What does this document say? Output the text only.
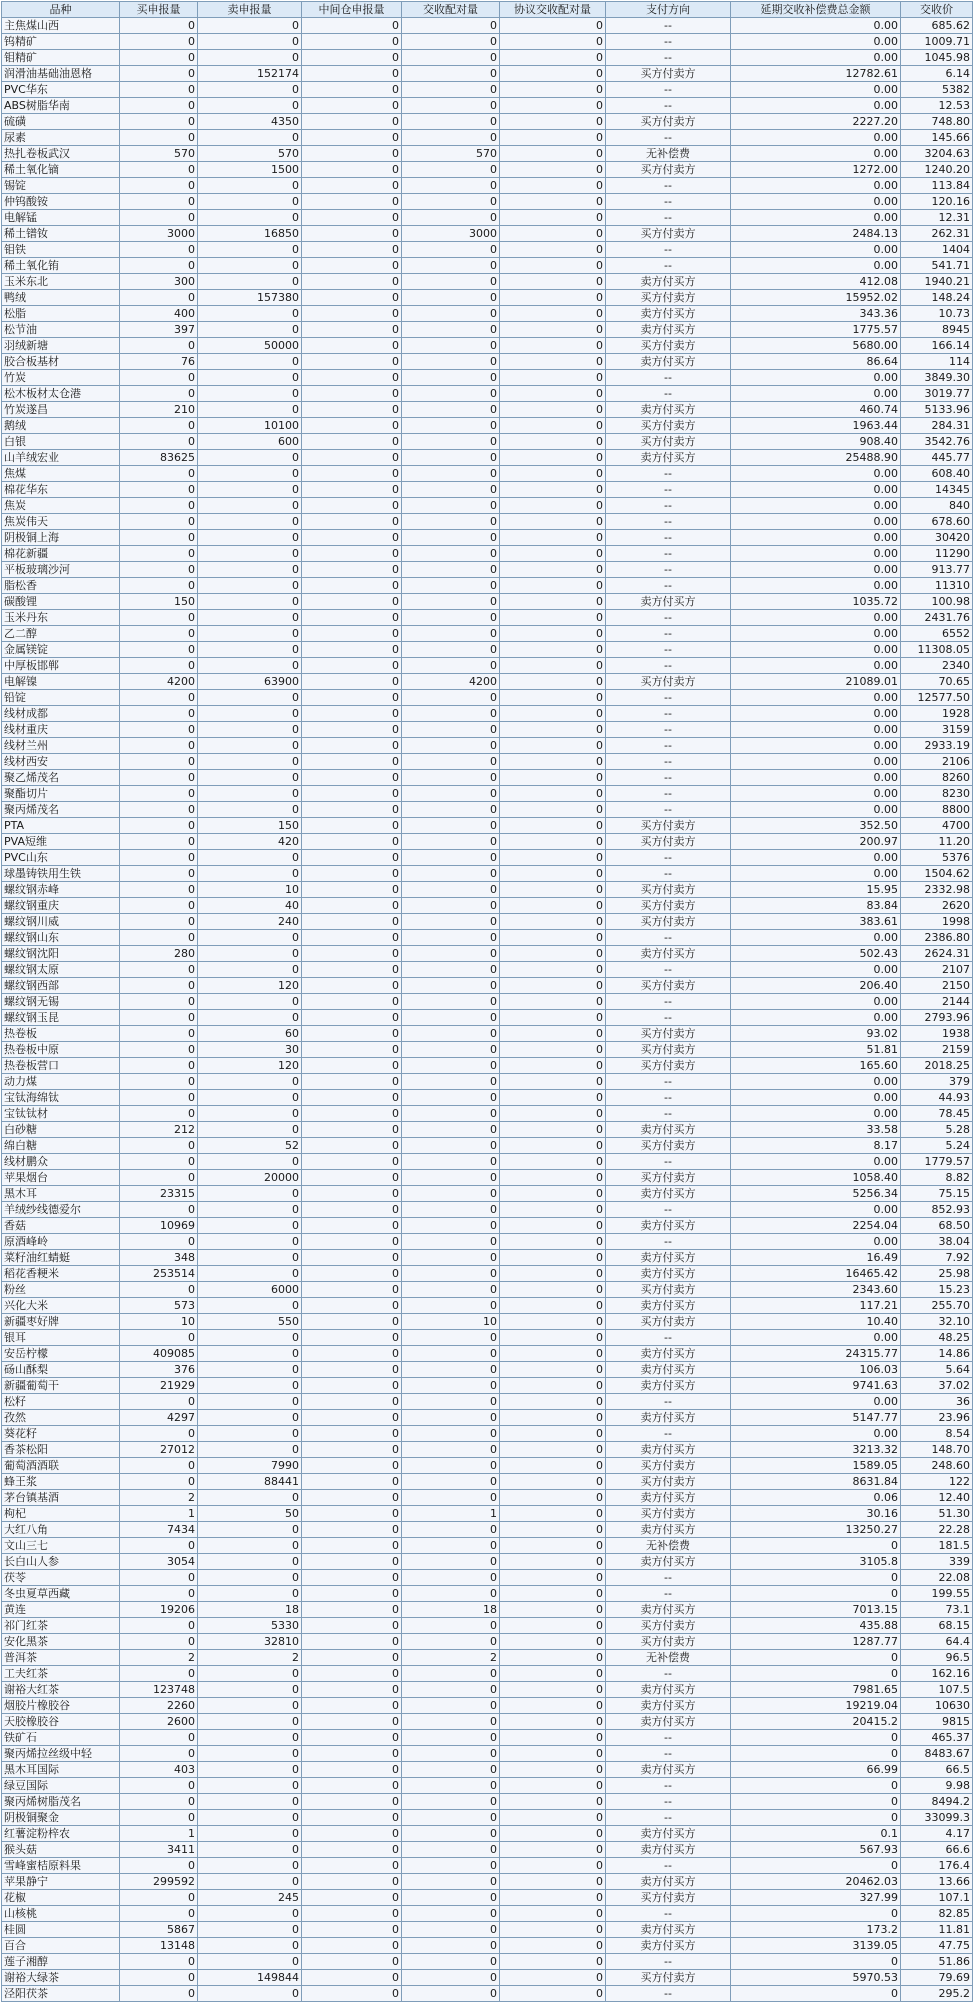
品种	买申报量	卖申报量	中间仓申报量	交收配对量	协议交收配对量	支付方向	延期交收补偿费总金额	交收价
主焦煤山西	0	0	0	0	0	--	0.00	685.62
钨精矿	0	0	0	0	0	--	0.00	1009.71
钼精矿	0	0	0	0	0	--	0.00	1045.98
润滑油基础油恩格	0	152174	0	0	0	买方付卖方	12782.61	6.14
PVC华东	0	0	0	0	0	--	0.00	5382
ABS树脂华南	0	0	0	0	0	--	0.00	12.53
硫磺	0	4350	0	0	0	买方付卖方	2227.20	748.80
尿素	0	0	0	0	0	--	0.00	145.66
热扎卷板武汉	570	570	0	570	0	无补偿费	0.00	3204.63
稀土氧化镝	0	1500	0	0	0	买方付卖方	1272.00	1240.20
锡锭	0	0	0	0	0	--	0.00	113.84
仲钨酸铵	0	0	0	0	0	--	0.00	120.16
电解锰	0	0	0	0	0	--	0.00	12.31
稀土镨钕	3000	16850	0	3000	0	买方付卖方	2484.13	262.31
钼铁	0	0	0	0	0	--	0.00	1404
稀土氧化铕	0	0	0	0	0	--	0.00	541.71
玉米东北	300	0	0	0	0	卖方付买方	412.08	1940.21
鸭绒	0	157380	0	0	0	买方付卖方	15952.02	148.24
松脂	400	0	0	0	0	卖方付买方	343.36	10.73
松节油	397	0	0	0	0	卖方付买方	1775.57	8945
羽绒新塘	0	50000	0	0	0	买方付卖方	5680.00	166.14
胶合板基材	76	0	0	0	0	卖方付买方	86.64	114
竹炭	0	0	0	0	0	--	0.00	3849.30
松木板材太仓港	0	0	0	0	0	--	0.00	3019.77
竹炭遂昌	210	0	0	0	0	卖方付买方	460.74	5133.96
鹅绒	0	10100	0	0	0	买方付卖方	1963.44	284.31
白银	0	600	0	0	0	买方付卖方	908.40	3542.76
山羊绒宏业	83625	0	0	0	0	卖方付买方	25488.90	445.77
焦煤	0	0	0	0	0	--	0.00	608.40
棉花华东	0	0	0	0	0	--	0.00	14345
焦炭	0	0	0	0	0	--	0.00	840
焦炭伟天	0	0	0	0	0	--	0.00	678.60
阴极铜上海	0	0	0	0	0	--	0.00	30420
棉花新疆	0	0	0	0	0	--	0.00	11290
平板玻璃沙河	0	0	0	0	0	--	0.00	913.77
脂松香	0	0	0	0	0	--	0.00	11310
碳酸锂	150	0	0	0	0	卖方付买方	1035.72	100.98
玉米丹东	0	0	0	0	0	--	0.00	2431.76
乙二醇	0	0	0	0	0	--	0.00	6552
金属镁锭	0	0	0	0	0	--	0.00	11308.05
中厚板邯郸	0	0	0	0	0	--	0.00	2340
电解镍	4200	63900	0	4200	0	买方付卖方	21089.01	70.65
铅锭	0	0	0	0	0	--	0.00	12577.50
线材成都	0	0	0	0	0	--	0.00	1928
线材重庆	0	0	0	0	0	--	0.00	3159
线材兰州	0	0	0	0	0	--	0.00	2933.19
线材西安	0	0	0	0	0	--	0.00	2106
聚乙烯茂名	0	0	0	0	0	--	0.00	8260
聚酯切片	0	0	0	0	0	--	0.00	8230
聚丙烯茂名	0	0	0	0	0	--	0.00	8800
PTA	0	150	0	0	0	买方付卖方	352.50	4700
PVA短维	0	420	0	0	0	买方付卖方	200.97	11.20
PVC山东	0	0	0	0	0	--	0.00	5376
球墨铸铁用生铁	0	0	0	0	0	--	0.00	1504.62
螺纹钢赤峰	0	10	0	0	0	买方付卖方	15.95	2332.98
螺纹钢重庆	0	40	0	0	0	买方付卖方	83.84	2620
螺纹钢川威	0	240	0	0	0	买方付卖方	383.61	1998
螺纹钢山东	0	0	0	0	0	--	0.00	2386.80
螺纹钢沈阳	280	0	0	0	0	卖方付买方	502.43	2624.31
螺纹钢太原	0	0	0	0	0	--	0.00	2107
螺纹钢西部	0	120	0	0	0	买方付卖方	206.40	2150
螺纹钢无锡	0	0	0	0	0	--	0.00	2144
螺纹钢玉昆	0	0	0	0	0	--	0.00	2793.96
热卷板	0	60	0	0	0	买方付卖方	93.02	1938
热卷板中原	0	30	0	0	0	买方付卖方	51.81	2159
热卷板营口	0	120	0	0	0	买方付卖方	165.60	2018.25
动力煤	0	0	0	0	0	--	0.00	379
宝钛海绵钛	0	0	0	0	0	--	0.00	44.93
宝钛钛材	0	0	0	0	0	--	0.00	78.45
白砂糖	212	0	0	0	0	卖方付买方	33.58	5.28
绵白糖	0	52	0	0	0	买方付卖方	8.17	5.24
线材鹏众	0	0	0	0	0	--	0.00	1779.57
苹果烟台	0	20000	0	0	0	买方付卖方	1058.40	8.82
黑木耳	23315	0	0	0	0	卖方付买方	5256.34	75.15
羊绒纱线德爱尔	0	0	0	0	0	--	0.00	852.93
香菇	10969	0	0	0	0	卖方付买方	2254.04	68.50
原酒峰岭	0	0	0	0	0	--	0.00	38.04
菜籽油红蜻蜓	348	0	0	0	0	卖方付买方	16.49	7.92
稻花香粳米	253514	0	0	0	0	卖方付买方	16465.42	25.98
粉丝	0	6000	0	0	0	买方付卖方	2343.60	15.23
兴化大米	573	0	0	0	0	卖方付买方	117.21	255.70
新疆枣好牌	10	550	0	10	0	买方付卖方	10.40	32.10
银耳	0	0	0	0	0	--	0.00	48.25
安岳柠檬	409085	0	0	0	0	卖方付买方	24315.77	14.86
砀山酥梨	376	0	0	0	0	卖方付买方	106.03	5.64
新疆葡萄干	21929	0	0	0	0	卖方付买方	9741.63	37.02
松籽	0	0	0	0	0	--	0.00	36
孜然	4297	0	0	0	0	卖方付买方	5147.77	23.96
葵花籽	0	0	0	0	0	--	0.00	8.54
香茶松阳	27012	0	0	0	0	卖方付买方	3213.32	148.70
葡萄酒酒联	0	7990	0	0	0	买方付卖方	1589.05	248.60
蜂王浆	0	88441	0	0	0	买方付卖方	8631.84	122
茅台镇基酒	2	0	0	0	0	卖方付买方	0.06	12.40
枸杞	1	50	0	1	0	买方付卖方	30.16	51.30
大红八角	7434	0	0	0	0	卖方付买方	13250.27	22.28
文山三七	0	0	0	0	0	无补偿费	0	181.5
长白山人参	3054	0	0	0	0	卖方付买方	3105.8	339
茯苓	0	0	0	0	0	--	0	22.08
冬虫夏草西藏	0	0	0	0	0	--	0	199.55
黄连	19206	18	0	18	0	卖方付买方	7013.15	73.1
祁门红茶	0	5330	0	0	0	买方付卖方	435.88	68.15
安化黑茶	0	32810	0	0	0	买方付卖方	1287.77	64.4
普洱茶	2	2	0	2	0	无补偿费	0	96.5
工夫红茶	0	0	0	0	0	--	0	162.16
谢裕大红茶	123748	0	0	0	0	卖方付买方	7981.65	107.5
烟胶片橡胶谷	2260	0	0	0	0	卖方付买方	19219.04	10630
天胶橡胶谷	2600	0	0	0	0	卖方付买方	20415.2	9815
铁矿石	0	0	0	0	0	--	0	465.37
聚丙烯拉丝级中轻	0	0	0	0	0	--	0	8483.67
黑木耳国际	403	0	0	0	0	卖方付买方	66.99	66.5
绿豆国际	0	0	0	0	0	--	0	9.98
聚丙烯树脂茂名	0	0	0	0	0	--	0	8494.2
阴极铜聚金	0	0	0	0	0	--	0	33099.3
红薯淀粉梓农	1	0	0	0	0	卖方付买方	0.1	4.17
猴头菇	3411	0	0	0	0	卖方付买方	567.93	66.6
雪峰蜜桔原料果	0	0	0	0	0	--	0	176.4
苹果静宁	299592	0	0	0	0	卖方付买方	20462.03	13.66
花椒	0	245	0	0	0	买方付卖方	327.99	107.1
山核桃	0	0	0	0	0	--	0	82.85
桂圆	5867	0	0	0	0	卖方付买方	173.2	11.81
百合	13148	0	0	0	0	卖方付买方	3139.05	47.75
莲子湘醇	0	0	0	0	0	--	0	51.86
谢裕大绿茶	0	149844	0	0	0	买方付卖方	5970.53	79.69
泾阳茯茶	0	0	0	0	0	--	0	295.2
